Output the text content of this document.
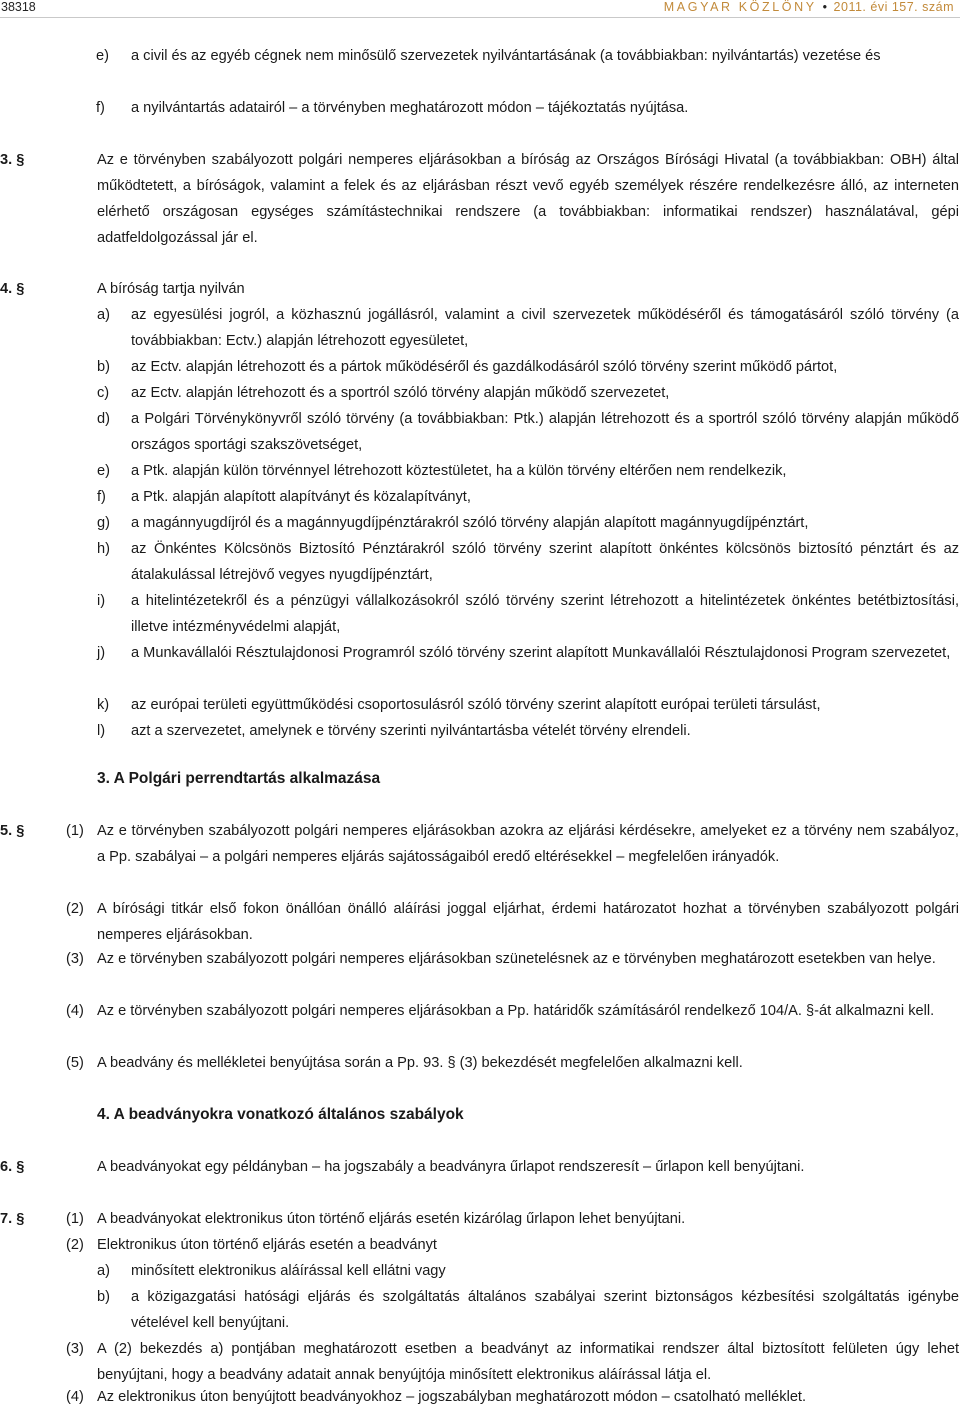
38318	MAGYAR KÖZLÖNY • 2011. évi 157. szám
e) a civil és az egyéb cégnek nem minősülő szervezetek nyilvántartásának (a továbbiakban: nyilvántartás) vezetése és
f) a nyilvántartás adatairól – a törvényben meghatározott módon – tájékoztatás nyújtása.
3. §	Az e törvényben szabályozott polgári nemperes eljárásokban a bíróság az Országos Bírósági Hivatal (a továbbiakban: OBH) által működtetett, a bíróságok, valamint a felek és az eljárásban részt vevő egyéb személyek részére rendelkezésre álló, az interneten elérhető országosan egységes számítástechnikai rendszere (a továbbiakban: informatikai rendszer) használatával, gépi adatfeldolgozással jár el.
4. §	A bíróság tartja nyilván
a) az egyesülési jogról, a közhasznú jogállásról, valamint a civil szervezetek működéséről és támogatásáról szóló törvény (a továbbiakban: Ectv.) alapján létrehozott egyesületet,
b) az Ectv. alapján létrehozott és a pártok működéséről és gazdálkodásáról szóló törvény szerint működő pártot,
c) az Ectv. alapján létrehozott és a sportról szóló törvény alapján működő szervezetet,
d) a Polgári Törvénykönyvről szóló törvény (a továbbiakban: Ptk.) alapján létrehozott és a sportról szóló törvény alapján működő országos sportági szakszövetséget,
e) a Ptk. alapján külön törvénnyel létrehozott köztestületet, ha a külön törvény eltérően nem rendelkezik,
f) a Ptk. alapján alapított alapítványt és közalapítványt,
g) a magánnyugdíjról és a magánnyugdíjpénztárakról szóló törvény alapján alapított magánnyugdíjpénztárt,
h) az Önkéntes Kölcsönös Biztosító Pénztárakról szóló törvény szerint alapított önkéntes kölcsönös biztosító pénztárt és az átalakulással létrejövő vegyes nyugdíjpénztárt,
i) a hitelintézetekről és a pénzügyi vállalkozásokról szóló törvény szerint létrehozott a hitelintézetek önkéntes betétbiztosítási, illetve intézményvédelmi alapját,
j) a Munkavállalói Résztulajdonosi Programról szóló törvény szerint alapított Munkavállalói Résztulajdonosi Program szervezetet,
k) az európai területi együttműködési csoportosulásról szóló törvény szerint alapított európai területi társulást,
l) azt a szervezetet, amelynek e törvény szerinti nyilvántartásba vételét törvény elrendeli.
3. A Polgári perrendtartás alkalmazása
5. §	(1) Az e törvényben szabályozott polgári nemperes eljárásokban azokra az eljárási kérdésekre, amelyeket ez a törvény nem szabályoz, a Pp. szabályai – a polgári nemperes eljárás sajátosságaiból eredő eltérésekkel – megfelelően irányadók.
(2) A bírósági titkár első fokon önállóan önálló aláírási joggal eljárhat, érdemi határozatot hozhat a törvényben szabályozott polgári nemperes eljárásokban.
(3) Az e törvényben szabályozott polgári nemperes eljárásokban szünetelésnek az e törvényben meghatározott esetekben van helye.
(4) Az e törvényben szabályozott polgári nemperes eljárásokban a Pp. határidők számításáról rendelkező 104/A. §-át alkalmazni kell.
(5) A beadvány és mellékletei benyújtása során a Pp. 93. § (3) bekezdését megfelelően alkalmazni kell.
4. A beadványokra vonatkozó általános szabályok
6. §	A beadványokat egy példányban – ha jogszabály a beadványra űrlapot rendszeresít – űrlapon kell benyújtani.
7. §	(1) A beadványokat elektronikus úton történő eljárás esetén kizárólag űrlapon lehet benyújtani.
(2) Elektronikus úton történő eljárás esetén a beadványt
a) minősített elektronikus aláírással kell ellátni vagy
b) a közigazgatási hatósági eljárás és szolgáltatás általános szabályai szerint biztonságos kézbesítési szolgáltatás igénybe vételével kell benyújtani.
(3) A (2) bekezdés a) pontjában meghatározott esetben a beadványt az informatikai rendszer által biztosított felületen úgy lehet benyújtani, hogy a beadvány adatait annak benyújtója minősített elektronikus aláírással látja el.
(4) Az elektronikus úton benyújtott beadványokhoz – jogszabályban meghatározott módon – csatolható melléklet.
